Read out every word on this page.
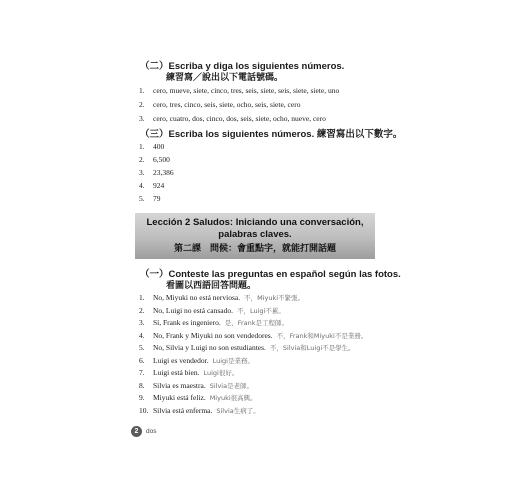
（二）Escriba y diga los siguientes números.
練習寫／說出以下電話號碼。
1.	cero, mueve, siete, cinco, tres, seis, siete, seis, siete, siete, uno
2.	cero, tres, cinco, seis, siete, ocho, seis, siete, cero
3.	cero, cuatro, dos, cinco, dos, seis, siete, ocho, nueve, cero
（三）Escriba los siguientes números. 練習寫出以下數字。
1.	400
2.	6,500
3.	23,386
4.	924
5.	79
Lección 2 Saludos: Iniciando una conversación,
palabras claves.
第二課　問候：會重點字，就能打開話題
（一）Conteste las preguntas en español según las fotos.
看圖以西語回答問題。
1.	No, Miyuki no está nerviosa. 不，Miyuki不緊張。
2.	No, Luigi no está cansado. 不，Luigi不累。
3.	Sí, Frank es ingeniero. 是，Frank是工程師。
4.	No, Frank y Miyuki no son vendedores. 不，Frank和Miyuki不是業務。
5.	No, Silvia y Luigi no son estudiantes. 不，Silvia和Luigi不是學生。
6.	Luigi es vendedor. Luigi是業務。
7.	Luigi está bien. Luigi很好。
8.	Silvia es maestra. Silvia是老師。
9.	Miyuki está feliz. Miyuki很高興。
10. Silvia está enferma. Silvia生病了。
2	dos
